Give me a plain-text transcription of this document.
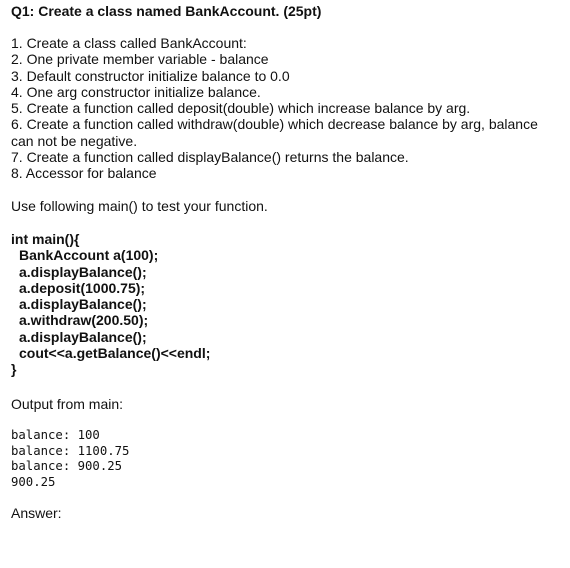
Q1: Create a class named BankAccount. (25pt)
1. Create a class called BankAccount:
2. One private member variable - balance
3. Default constructor initialize balance to 0.0
4. One arg constructor initialize balance.
5. Create a function called deposit(double) which increase balance by arg.
6. Create a function called withdraw(double) which decrease balance by arg, balance can not be negative.
7. Create a function called displayBalance() returns the balance.
8. Accessor for balance
Use following main() to test your function.
int main(){
BankAccount a(100);
a.displayBalance();
a.deposit(1000.75);
a.displayBalance();
a.withdraw(200.50);
a.displayBalance();
cout<<a.getBalance()<<endl;
}
Output from main:
balance: 100
balance: 1100.75
balance: 900.25
900.25
Answer:
